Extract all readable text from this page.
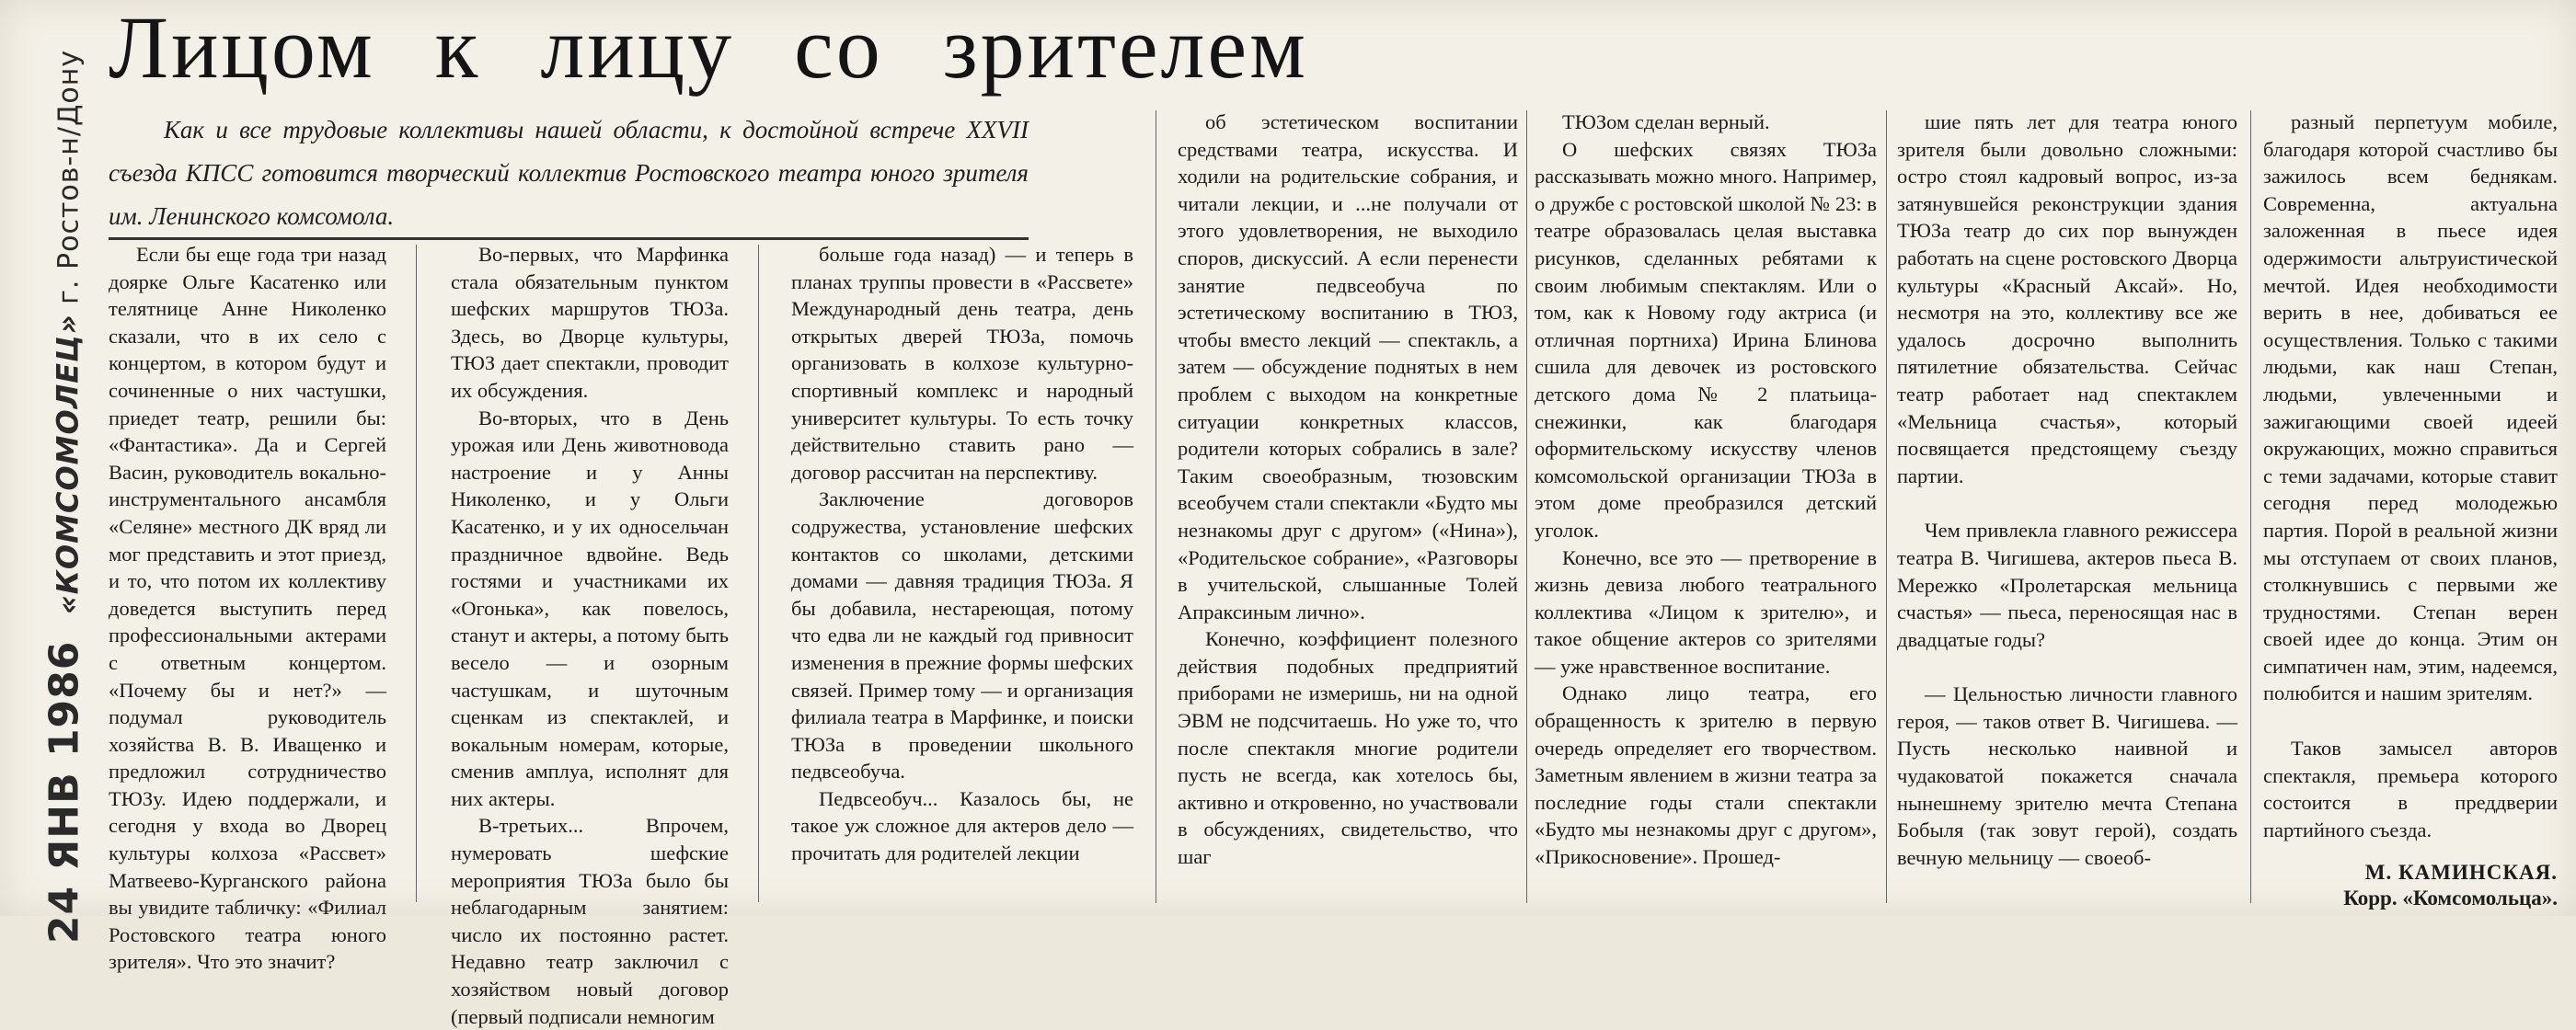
24 ЯНВ 1986 «КОМСОМОЛЕЦ» г. Ростов-н/Дону
Лицом к лицу со зрителем
Как и все трудовые коллективы нашей области, к достойной встрече XXVII съезда КПСС готовится творческий коллектив Ростовского театра юного зрителя им. Ленинского комсомола.

Если бы еще года три назад доярке Ольге Касатенко или телятнице Анне Николенко сказали, что в их село с концертом, в котором будут и сочиненные о них частушки, приедет театр, решили бы: «Фантастика». Да и Сергей Васин, руководитель вокально-инструментального ансамбля «Селяне» местного ДК вряд ли мог представить и этот приезд, и то, что потом их коллективу доведется выступить перед профессиональными актерами с ответным концертом. «Почему бы и нет?» — подумал руководитель хозяйства В. В. Иващенко и предложил сотрудничество ТЮЗу. Идею поддержали, и сегодня у входа во Дворец культуры колхоза «Рассвет» Матвеево-Курганского района вы увидите табличку: «Филиал Ростовского театра юного зрителя». Что это значит?

Во-первых, что Марфинка стала обязательным пунктом шефских маршрутов ТЮЗа. Здесь, во Дворце культуры, ТЮЗ дает спектакли, проводит их обсуждения.

Во-вторых, что в День урожая или День животновода настроение и у Анны Николенко, и у Ольги Касатенко, и у их односельчан праздничное вдвойне. Ведь гостями и участниками их «Огонька», как повелось, станут и актеры, а потому быть весело — и озорным частушкам, и шуточным сценкам из спектаклей, и вокальным номерам, которые, сменив амплуа, исполнят для них актеры.

В-третьих... Впрочем, нумеровать шефские мероприятия ТЮЗа было бы неблагодарным занятием: число их постоянно растет. Недавно театр заключил с хозяйством новый договор (первый подписали немногим

больше года назад) — и теперь в планах труппы провести в «Рассвете» Международный день театра, день открытых дверей ТЮЗа, помочь организовать в колхозе культурно-спортивный комплекс и народный университет культуры. То есть точку действительно ставить рано — договор рассчитан на перспективу.

Заключение договоров содружества, установление шефских контактов со школами, детскими домами — давняя традиция ТЮЗа. Я бы добавила, нестареющая, потому что едва ли не каждый год привносит изменения в прежние формы шефских связей. Пример тому — и организация филиала театра в Марфинке, и поиски ТЮЗа в проведении школьного педвсеобуча.

Педвсеобуч... Казалось бы, не такое уж сложное для актеров дело — прочитать для родителей лекции

об эстетическом воспитании средствами театра, искусства. И ходили на родительские собрания, и читали лекции, и ...не получали от этого удовлетворения, не выходило споров, дискуссий. А если перенести занятие педвсеобуча по эстетическому воспитанию в ТЮЗ, чтобы вместо лекций — спектакль, а затем — обсуждение поднятых в нем проблем с выходом на конкретные ситуации конкретных классов, родители которых собрались в зале? Таким своеобразным, тюзовским всеобучем стали спектакли «Будто мы незнакомы друг с другом» («Нина»), «Родительское собрание», «Разговоры в учительской, слышанные Толей Апраксиным лично».

Конечно, коэффициент полезного действия подобных предприятий приборами не измеришь, ни на одной ЭВМ не подсчитаешь. Но уже то, что после спектакля многие родители пусть не всегда, как хотелось бы, активно и откровенно, но участвовали в обсуждениях, свидетельство, что шаг

ТЮЗом сделан верный.

О шефских связях ТЮЗа рассказывать можно много. Например, о дружбе с ростовской школой № 23: в театре образовалась целая выставка рисунков, сделанных ребятами к своим любимым спектаклям. Или о том, как к Новому году актриса (и отличная портниха) Ирина Блинова сшила для девочек из ростовского детского дома № 2 платьица-снежинки, как благодаря оформительскому искусству членов комсомольской организации ТЮЗа в этом доме преобразился детский уголок.

Конечно, все это — претворение в жизнь девиза любого театрального коллектива «Лицом к зрителю», и такое общение актеров со зрителями — уже нравственное воспитание.

Однако лицо театра, его обращенность к зрителю в первую очередь определяет его творчеством. Заметным явлением в жизни театра за последние годы стали спектакли «Будто мы незнакомы друг с другом», «Прикосновение». Прошед-

шие пять лет для театра юного зрителя были довольно сложными: остро стоял кадровый вопрос, из-за затянувшейся реконструкции здания ТЮЗа театр до сих пор вынужден работать на сцене ростовского Дворца культуры «Красный Аксай». Но, несмотря на это, коллективу все же удалось досрочно выполнить пятилетние обязательства. Сейчас театр работает над спектаклем «Мельница счастья», который посвящается предстоящему съезду партии.

Чем привлекла главного режиссера театра В. Чигишева, актеров пьеса В. Мережко «Пролетарская мельница счастья» — пьеса, переносящая нас в двадцатые годы?

— Цельностью личности главного героя, — таков ответ В. Чигишева. — Пусть несколько наивной и чудаковатой покажется сначала нынешнему зрителю мечта Степана Бобыля (так зовут герой), создать вечную мельницу — своеоб-

разный перпетуум мобиле, благодаря которой счастливо бы зажилось всем беднякам. Современна, актуальна заложенная в пьесе идея одержимости альтруистической мечтой. Идея необходимости верить в нее, добиваться ее осуществления. Только с такими людьми, как наш Степан, людьми, увлеченными и зажигающими своей идеей окружающих, можно справиться с теми задачами, которые ставит сегодня перед молодежью партия. Порой в реальной жизни мы отступаем от своих планов, столкнувшись с первыми же трудностями. Степан верен своей идее до конца. Этим он симпатичен нам, этим, надеемся, полюбится и нашим зрителям.

Таков замысел авторов спектакля, премьера которого состоится в преддверии партийного съезда.

М. КАМИНСКАЯ.
Корр. «Комсомольца».
